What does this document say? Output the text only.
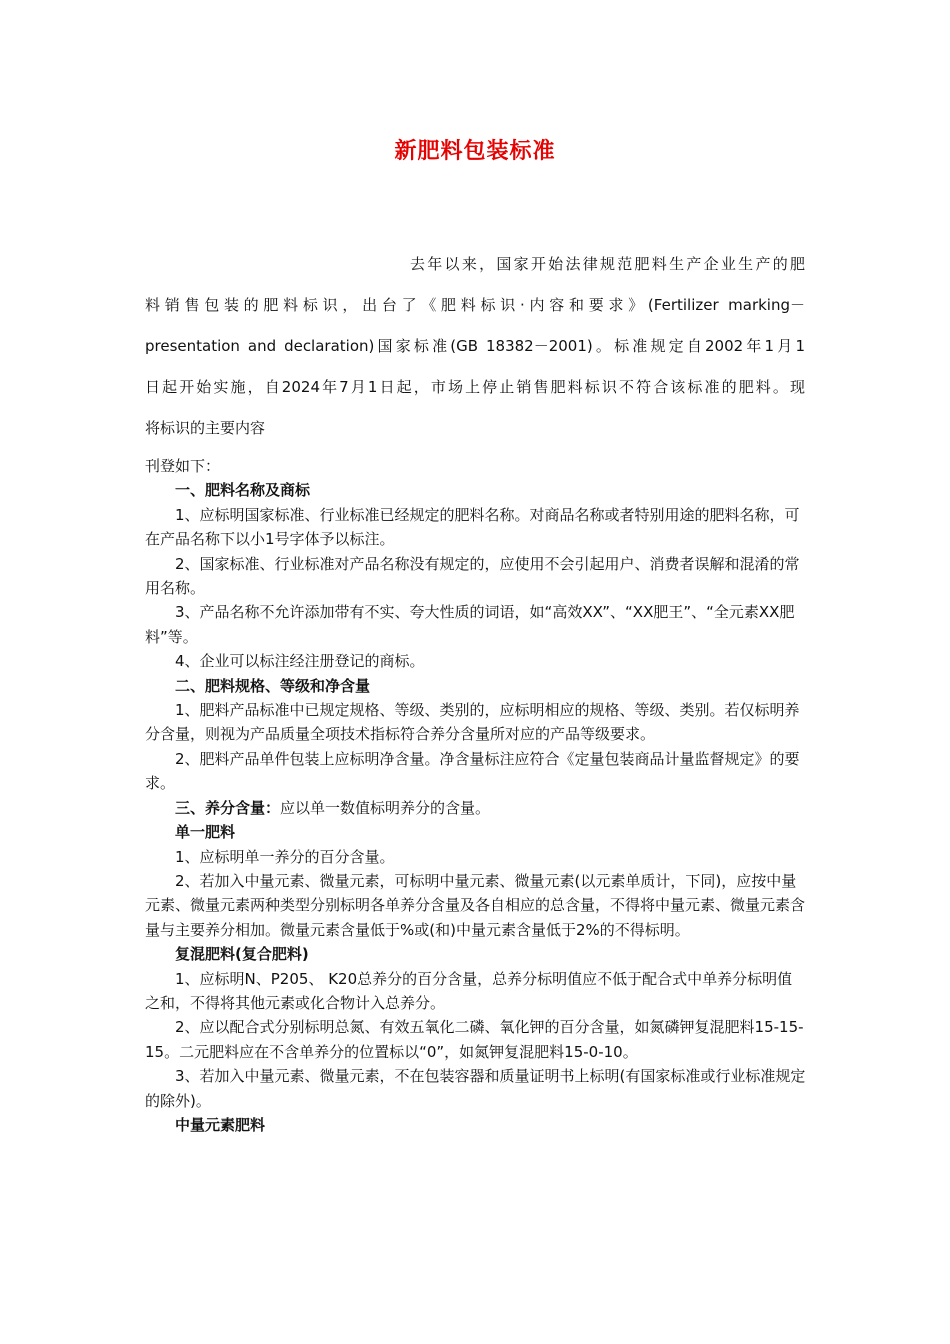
新肥料包装标准

去年以来，国家开始法律规范肥料生产企业生产的肥

料销售包装的肥料标识，出台了《肥料标识·内容和要求》(Fertilizer marking－

presentation and declaration)国家标准(GB 18382－2001)。标准规定自2002年1月1

日起开始实施，自2024年7月1日起，市场上停止销售肥料标识不符合该标准的肥料。现

将标识的主要内容

刊登如下：

一、肥料名称及商标

1、应标明国家标准、行业标准已经规定的肥料名称。对商品名称或者特别用途的肥料名称，可在产品名称下以小1号字体予以标注。

2、国家标准、行业标准对产品名称没有规定的，应使用不会引起用户、消费者误解和混淆的常用名称。

3、产品名称不允许添加带有不实、夸大性质的词语，如“高效XX”、“XX肥王”、“全元素XX肥料”等。

4、企业可以标注经注册登记的商标。

二、肥料规格、等级和净含量

1、肥料产品标准中已规定规格、等级、类别的，应标明相应的规格、等级、类别。若仅标明养分含量，则视为产品质量全项技术指标符合养分含量所对应的产品等级要求。

2、肥料产品单件包装上应标明净含量。净含量标注应符合《定量包装商品计量监督规定》的要求。

三、养分含量：应以单一数值标明养分的含量。

单一肥料

1、应标明单一养分的百分含量。

2、若加入中量元素、微量元素，可标明中量元素、微量元素(以元素单质计，下同)，应按中量元素、微量元素两种类型分别标明各单养分含量及各自相应的总含量，不得将中量元素、微量元素含量与主要养分相加。微量元素含量低于%或(和)中量元素含量低于2%的不得标明。

复混肥料(复合肥料)

1、应标明N、P205、 K20总养分的百分含量，总养分标明值应不低于配合式中单养分标明值之和，不得将其他元素或化合物计入总养分。

2、应以配合式分别标明总氮、有效五氧化二磷、氧化钾的百分含量，如氮磷钾复混肥料15-15-15。二元肥料应在不含单养分的位置标以“0”，如氮钾复混肥料15-0-10。

3、若加入中量元素、微量元素，不在包装容器和质量证明书上标明(有国家标准或行业标准规定的除外)。

中量元素肥料
